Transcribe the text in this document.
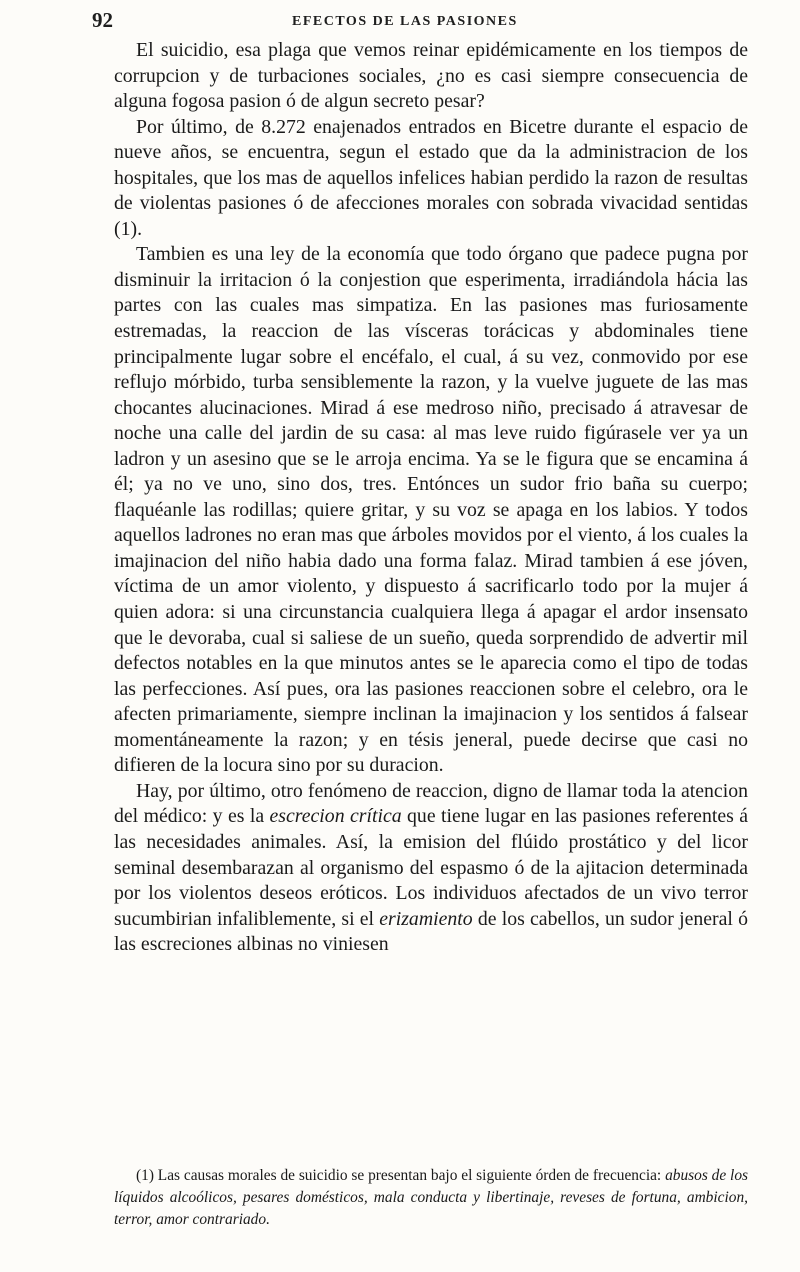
92	EFECTOS DE LAS PASIONES

El suicidio, esa plaga que vemos reinar epidémicamente en los tiempos de corrupcion y de turbaciones sociales, ¿no es casi siempre consecuencia de alguna fogosa pasion ó de algun secreto pesar?

Por último, de 8.272 enajenados entrados en Bicetre durante el espacio de nueve años, se encuentra, segun el estado que da la administracion de los hospitales, que los mas de aquellos infelices habian perdido la razon de resultas de violentas pasiones ó de afecciones morales con sobrada vivacidad sentidas (1).

Tambien es una ley de la economía que todo órgano que padece pugna por disminuir la irritacion ó la conjestion que esperimenta, irradiándola hácia las partes con las cuales mas simpatiza. En las pasiones mas furiosamente estremadas, la reaccion de las vísceras torácicas y abdominales tiene principalmente lugar sobre el encéfalo, el cual, á su vez, conmovido por ese reflujo mórbido, turba sensiblemente la razon, y la vuelve juguete de las mas chocantes alucinaciones. Mirad á ese medroso niño, precisado á atravesar de noche una calle del jardin de su casa: al mas leve ruido figúrasele ver ya un ladron y un asesino que se le arroja encima. Ya se le figura que se encamina á él; ya no ve uno, sino dos, tres. Entónces un sudor frio baña su cuerpo; flaquéanle las rodillas; quiere gritar, y su voz se apaga en los labios. Y todos aquellos ladrones no eran mas que árboles movidos por el viento, á los cuales la imajinacion del niño habia dado una forma falaz. Mirad tambien á ese jóven, víctima de un amor violento, y dispuesto á sacrificarlo todo por la mujer á quien adora: si una circunstancia cualquiera llega á apagar el ardor insensato que le devoraba, cual si saliese de un sueño, queda sorprendido de advertir mil defectos notables en la que minutos antes se le aparecia como el tipo de todas las perfecciones. Así pues, ora las pasiones reaccionen sobre el celebro, ora le afecten primariamente, siempre inclinan la imajinacion y los sentidos á falsear momentáneamente la razon; y en tésis jeneral, puede decirse que casi no difieren de la locura sino por su duracion.

Hay, por último, otro fenómeno de reaccion, digno de llamar toda la atencion del médico: y es la escrecion crítica que tiene lugar en las pasiones referentes á las necesidades animales. Así, la emision del flúido prostático y del licor seminal desembarazan al organismo del espasmo ó de la ajitacion determinada por los violentos deseos eróticos. Los individuos afectados de un vivo terror sucumbirian infaliblemente, si el erizamiento de los cabellos, un sudor jeneral ó las escreciones albinas no viniesen

(1) Las causas morales de suicidio se presentan bajo el siguiente órden de frecuencia: abusos de los líquidos alcoólicos, pesares domésticos, mala conducta y libertinaje, reveses de fortuna, ambicion, terror, amor contrariado.
